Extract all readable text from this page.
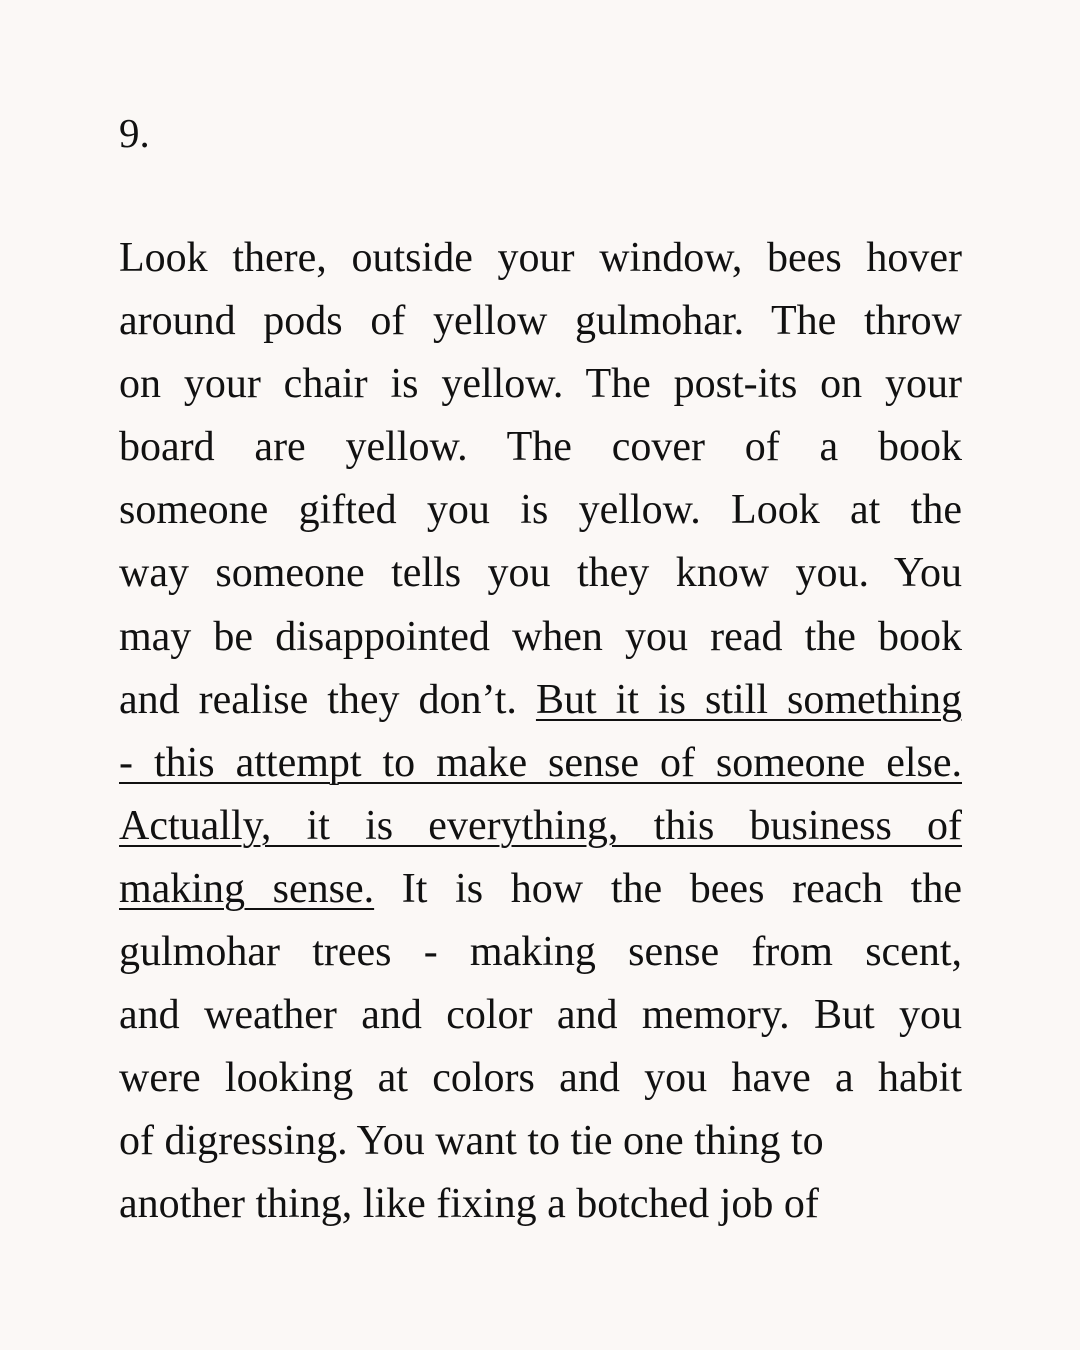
9.

Look there, outside your window, bees hover
around pods of yellow gulmohar. The throw
on your chair is yellow. The post-its on your
board are yellow. The cover of a book
someone gifted you is yellow. Look at the
way someone tells you they know you. You
may be disappointed when you read the book
and realise they don’t. But it is still something
- this attempt to make sense of someone else.
Actually, it is everything, this business of
making sense. It is how the bees reach the
gulmohar trees - making sense from scent,
and weather and color and memory. But you
were looking at colors and you have a habit
of digressing. You want to tie one thing to
another thing, like fixing a botched job of
